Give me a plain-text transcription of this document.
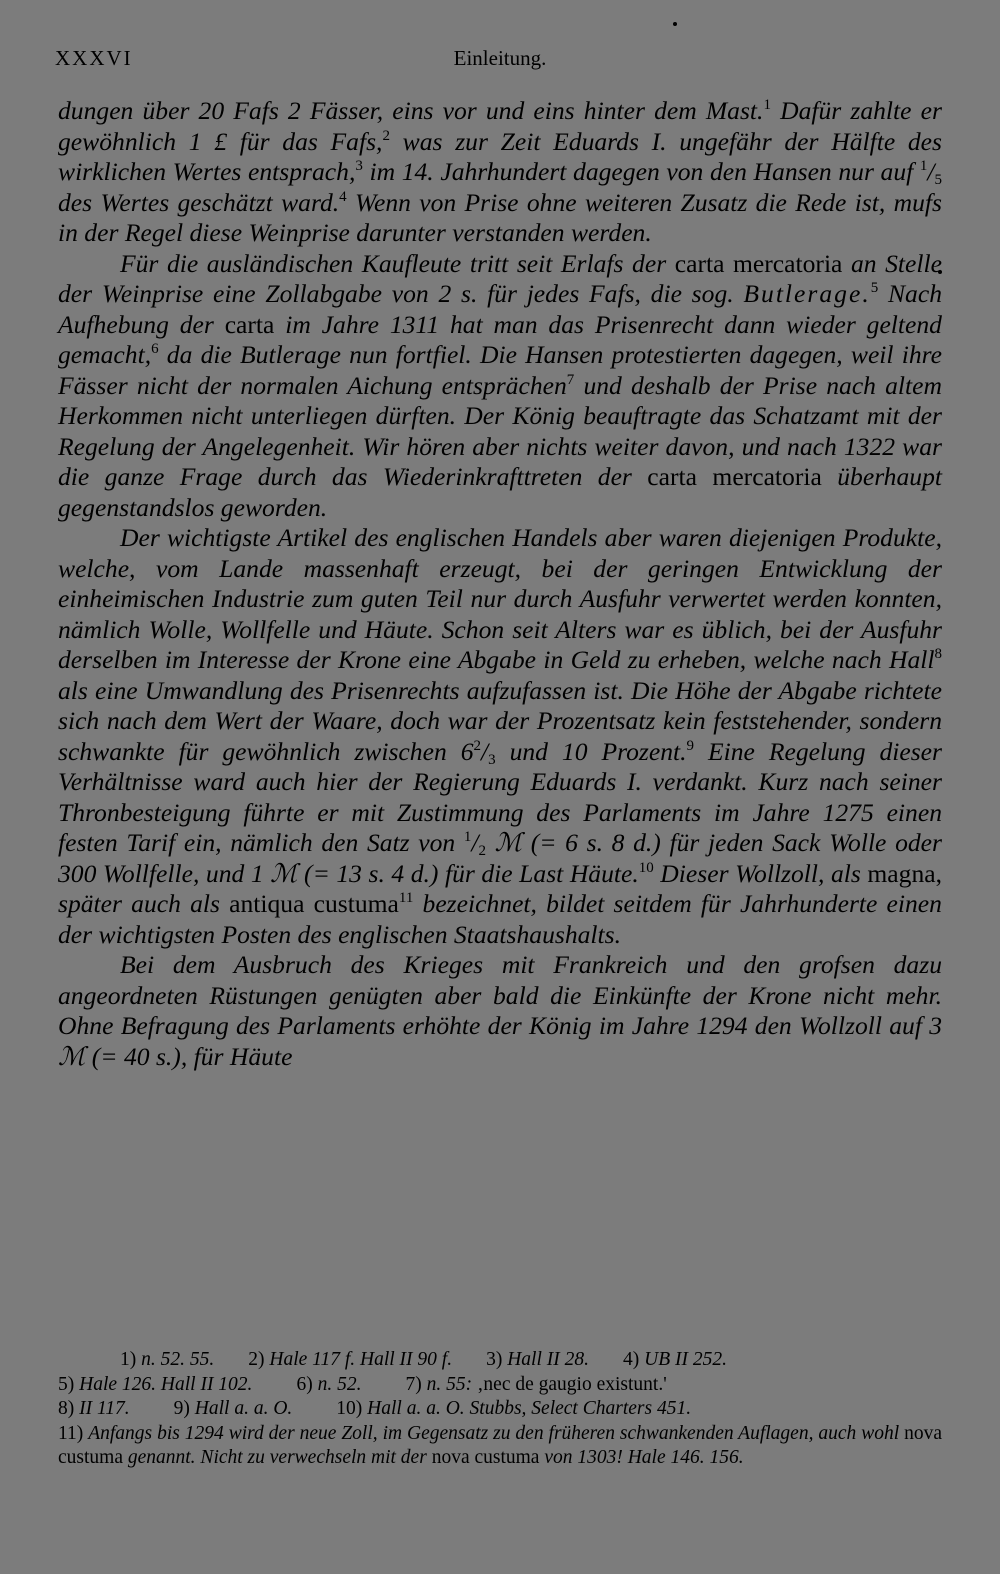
XXXVI	Einleitung.

dungen über 20 Fafs 2 Fässer, eins vor und eins hinter dem Mast.$^1$ Dafür zahlte er gewöhnlich 1 £ für das Fafs,$^2$ was zur Zeit Eduards I. ungefähr der Hälfte des wirklichen Wertes entsprach,$^3$ im 14. Jahrhundert dagegen von den Hansen nur auf $^1/_5$ des Wertes geschätzt ward.$^4$ Wenn von Prise ohne weiteren Zusatz die Rede ist, mufs in der Regel diese Weinprise darunter verstanden werden.

Für die ausländischen Kaufleute tritt seit Erlafs der carta mercatoria an Stelle der Weinprise eine Zollabgabe von 2 s. für jedes Fafs, die sog. Butlerage.$^5$ Nach Aufhebung der carta im Jahre 1311 hat man das Prisenrecht dann wieder geltend gemacht,$^6$ da die Butlerage nun fortfiel. Die Hansen protestierten dagegen, weil ihre Fässer nicht der normalen Aichung entsprächen$^7$ und deshalb der Prise nach altem Herkommen nicht unterliegen dürften. Der König beauftragte das Schatzamt mit der Regelung der Angelegenheit. Wir hören aber nichts weiter davon, und nach 1322 war die ganze Frage durch das Wiederinkrafttreten der carta mercatoria überhaupt gegenstandslos geworden.

Der wichtigste Artikel des englischen Handels aber waren diejenigen Produkte, welche, vom Lande massenhaft erzeugt, bei der geringen Entwicklung der einheimischen Industrie zum guten Teil nur durch Ausfuhr verwertet werden konnten, nämlich Wolle, Wollfelle und Häute. Schon seit Alters war es üblich, bei der Ausfuhr derselben im Interesse der Krone eine Abgabe in Geld zu erheben, welche nach Hall$^8$ als eine Umwandlung des Prisenrechts aufzufassen ist. Die Höhe der Abgabe richtete sich nach dem Wert der Waare, doch war der Prozentsatz kein feststehender, sondern schwankte für gewöhnlich zwischen $6^2/_3$ und 10 Prozent.$^9$ Eine Regelung dieser Verhältnisse ward auch hier der Regierung Eduards I. verdankt. Kurz nach seiner Thronbesteigung führte er mit Zustimmung des Parlaments im Jahre 1275 einen festen Tarif ein, nämlich den Satz von $^1/_2$ ℳ (= 6 s. 8 d.) für jeden Sack Wolle oder 300 Wollfelle, und 1 ℳ (= 13 s. 4 d.) für die Last Häute.$^{10}$ Dieser Wollzoll, als magna, später auch als antiqua custuma$^{11}$ bezeichnet, bildet seitdem für Jahrhunderte einen der wichtigsten Posten des englischen Staatshaushalts.

Bei dem Ausbruch des Krieges mit Frankreich und den grofsen dazu angeordneten Rüstungen genügten aber bald die Einkünfte der Krone nicht mehr. Ohne Befragung des Parlaments erhöhte der König im Jahre 1294 den Wollzoll auf 3 ℳ (= 40 s.), für Häute

1) n. 52. 55. 2) Hale 117 f. Hall II 90 f. 3) Hall II 28. 4) UB II 252.
5) Hale 126. Hall II 102. 6) n. 52. 7) n. 55: ‚nec de gaugio existunt.'
8) II 117. 9) Hall a. a. O. 10) Hall a. a. O. Stubbs, Select Charters 451.
11) Anfangs bis 1294 wird der neue Zoll, im Gegensatz zu den früheren schwankenden Auflagen, auch wohl nova custuma genannt. Nicht zu verwechseln mit der nova custuma von 1303! Hale 146. 156.
